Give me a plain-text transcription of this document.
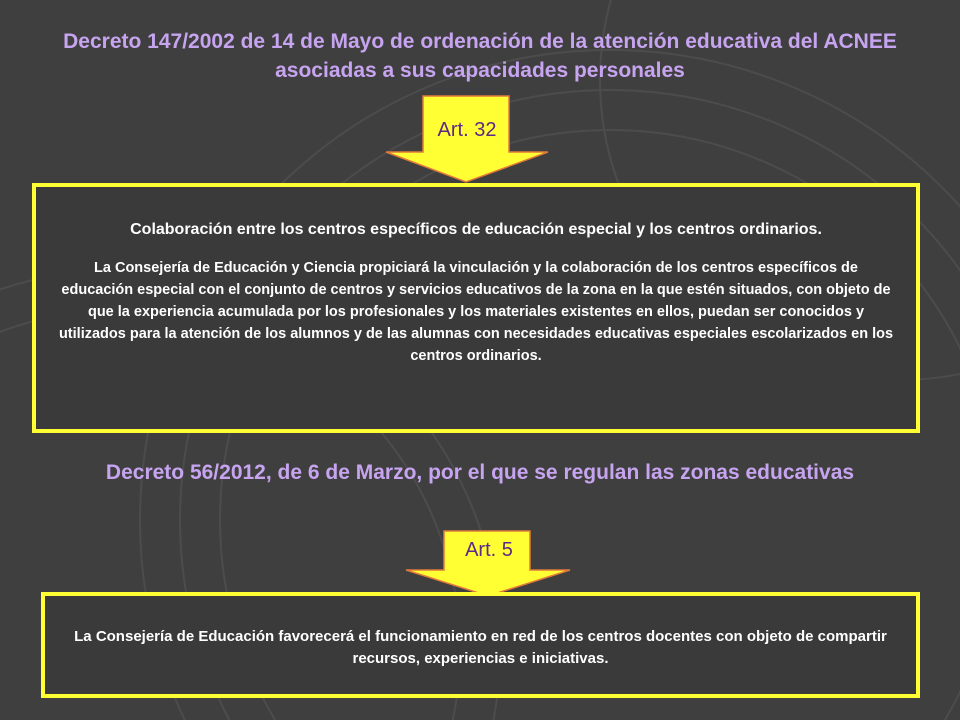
Decreto 147/2002 de 14 de Mayo de ordenación de la atención educativa del ACNEE asociadas a sus capacidades personales
Art. 32

Colaboración entre los centros específicos de educación especial y los centros ordinarios.

La Consejería de Educación y Ciencia propiciará la vinculación y la colaboración de los centros específicos de educación especial con el conjunto de centros y servicios educativos de la zona en la que estén situados, con objeto de que la experiencia acumulada por los profesionales y los materiales existentes en ellos, puedan ser conocidos y utilizados para la atención de los alumnos y de las alumnas con necesidades educativas especiales escolarizados en los centros ordinarios.

Decreto 56/2012, de 6 de Marzo, por el que se regulan las zonas educativas
Art. 5

La Consejería de Educación favorecerá el funcionamiento en red de los centros docentes con objeto de compartir recursos, experiencias e iniciativas.
